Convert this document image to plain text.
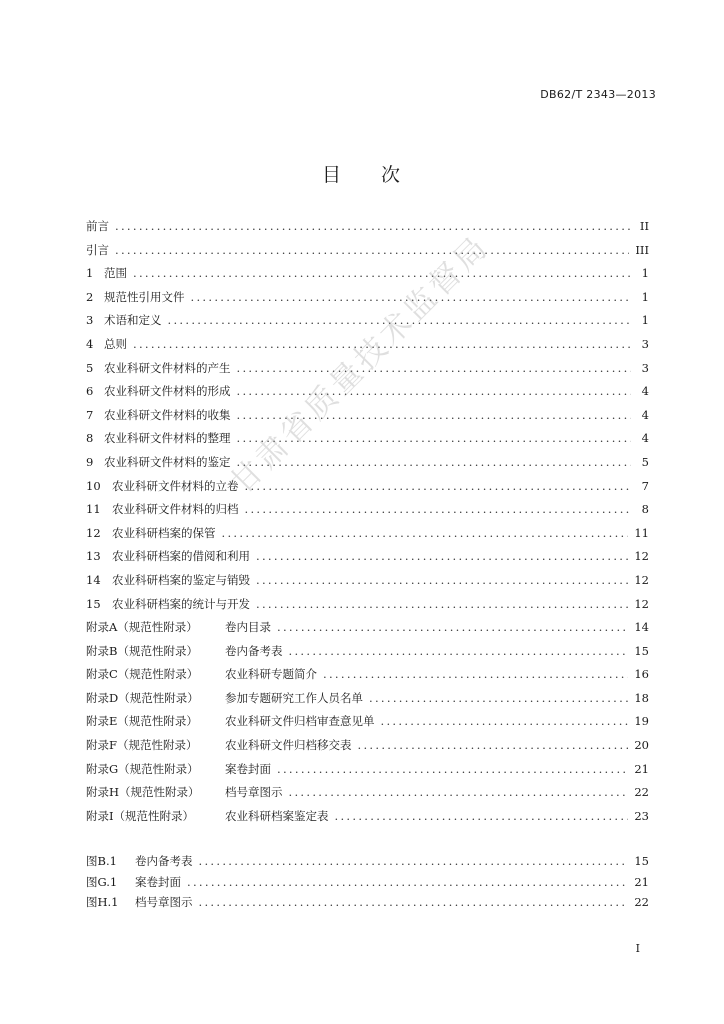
DB62/T 2343—2013
目 次
前言 .....	II
引言 .....	III
1 范围 .....	1
2 规范性引用文件 .....	1
3 术语和定义 .....	1
4 总则 .....	3
5 农业科研文件材料的产生 .....	3
6 农业科研文件材料的形成 .....	4
7 农业科研文件材料的收集 .....	4
8 农业科研文件材料的整理 .....	4
9 农业科研文件材料的鉴定 .....	5
10 农业科研文件材料的立卷 .....	7
11 农业科研文件材料的归档 .....	8
12 农业科研档案的保管 .....	11
13 农业科研档案的借阅和利用 .....	12
14 农业科研档案的鉴定与销毁 .....	12
15 农业科研档案的统计与开发 .....	12
附录A（规范性附录）	卷内目录 .....	14
附录B（规范性附录）	卷内备考表 .....	15
附录C（规范性附录）	农业科研专题简介 .....	16
附录D（规范性附录）	参加专题研究工作人员名单 .....	18
附录E（规范性附录）	农业科研文件归档审查意见单 .....	19
附录F（规范性附录）	农业科研文件归档移交表 .....	20
附录G（规范性附录）	案卷封面 .....	21
附录H（规范性附录）	档号章图示 .....	22
附录I（规范性附录）	农业科研档案鉴定表 .....	23
图B.1	卷内备考表 .....	15
图G.1	案卷封面 .....	21
图H.1	档号章图示 .....	22
I
甘肃省质量技术监督局
